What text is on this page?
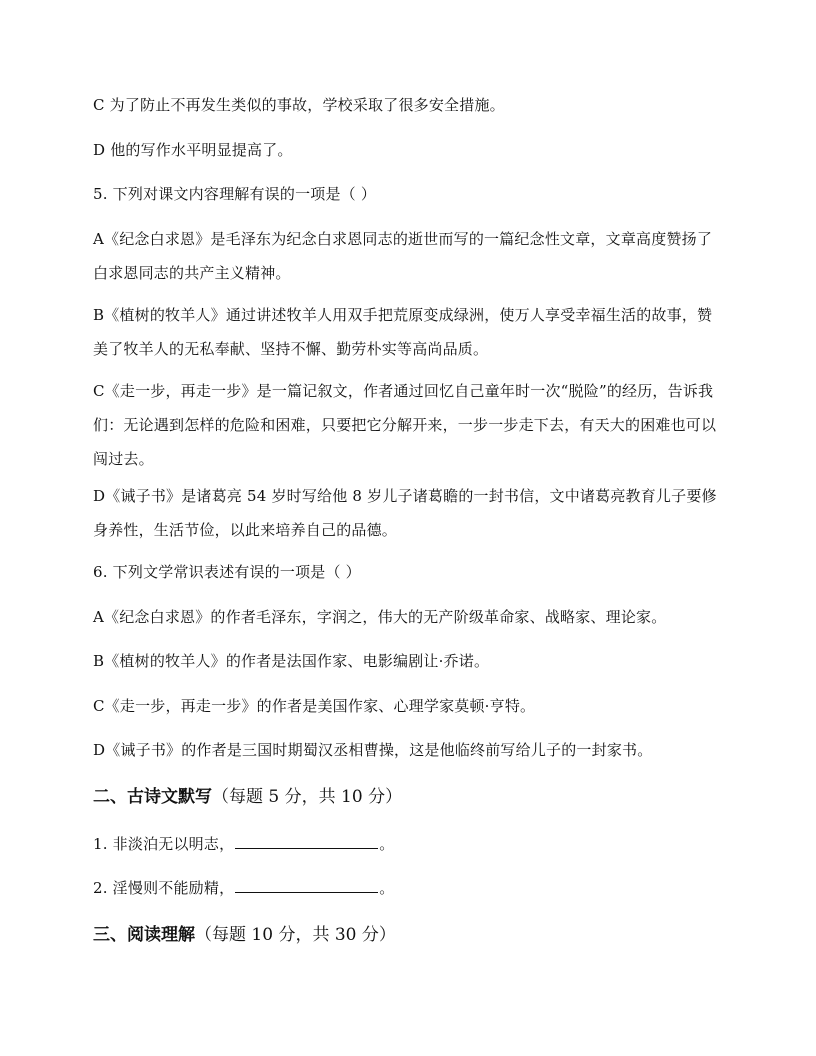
C 为了防止不再发生类似的事故，学校采取了很多安全措施。
D 他的写作水平明显提高了。
5. 下列对课文内容理解有误的一项是（ ）
A《纪念白求恩》是毛泽东为纪念白求恩同志的逝世而写的一篇纪念性文章，文章高度赞扬了白求恩同志的共产主义精神。
B《植树的牧羊人》通过讲述牧羊人用双手把荒原变成绿洲，使万人享受幸福生活的故事，赞美了牧羊人的无私奉献、坚持不懈、勤劳朴实等高尚品质。
C《走一步，再走一步》是一篇记叙文，作者通过回忆自己童年时一次“脱险”的经历，告诉我们：无论遇到怎样的危险和困难，只要把它分解开来，一步一步走下去，有天大的困难也可以闯过去。
D《诫子书》是诸葛亮 54 岁时写给他 8 岁儿子诸葛瞻的一封书信，文中诸葛亮教育儿子要修身养性，生活节俭，以此来培养自己的品德。
6. 下列文学常识表述有误的一项是（ ）
A《纪念白求恩》的作者毛泽东，字润之，伟大的无产阶级革命家、战略家、理论家。
B《植树的牧羊人》的作者是法国作家、电影编剧让·乔诺。
C《走一步，再走一步》的作者是美国作家、心理学家莫顿·亨特。
D《诫子书》的作者是三国时期蜀汉丞相曹操，这是他临终前写给儿子的一封家书。
二、古诗文默写（每题 5 分，共 10 分）
1. 非淡泊无以明志，	。
2. 淫慢则不能励精，	。
三、阅读理解（每题 10 分，共 30 分）
